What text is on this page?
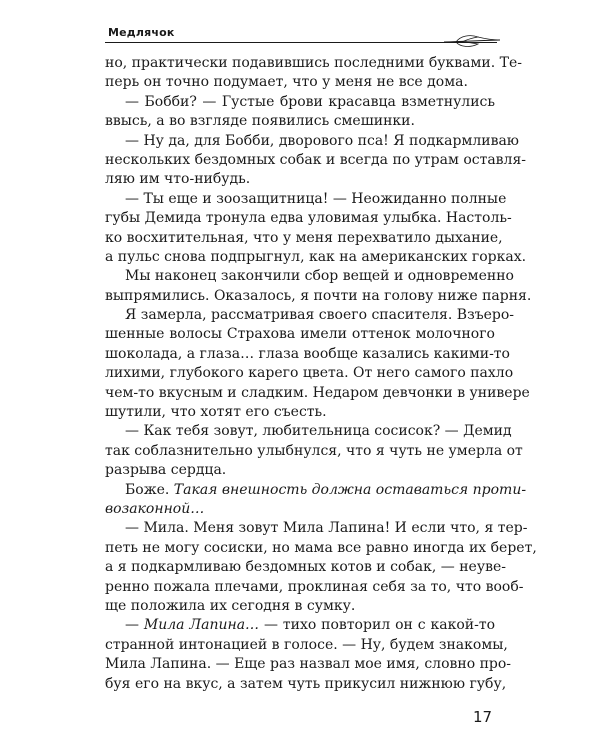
Медлячок
но, практически подавившись последними буквами. Те-
перь он точно подумает, что у меня не все дома.
— Бобби? — Густые брови красавца взметнулись
ввысь, а во взгляде появились смешинки.
— Ну да, для Бобби, дворового пса! Я подкармливаю
нескольких бездомных собак и всегда по утрам оставля-
ляю им что-нибудь.
— Ты еще и зоозащитница! — Неожиданно полные
губы Демида тронула едва уловимая улыбка. Настоль-
ко восхитительная, что у меня перехватило дыхание,
а пульс снова подпрыгнул, как на американских горках.
Мы наконец закончили сбор вещей и одновременно
выпрямились. Оказалось, я почти на голову ниже парня.
Я замерла, рассматривая своего спасителя. Взъеро-
шенные волосы Страхова имели оттенок молочного
шоколада, а глаза… глаза вообще казались какими-то
лихими, глубокого карего цвета. От него самого пахло
чем-то вкусным и сладким. Недаром девчонки в универе
шутили, что хотят его съесть.
— Как тебя зовут, любительница сосисок? — Демид
так соблазнительно улыбнулся, что я чуть не умерла от
разрыва сердца.
Боже. Такая внешность должна оставаться проти-
возаконной…
— Мила. Меня зовут Мила Лапина! И если что, я тер-
петь не могу сосиски, но мама все равно иногда их берет,
а я подкармливаю бездомных котов и собак, — неуве-
ренно пожала плечами, проклиная себя за то, что вооб-
ще положила их сегодня в сумку.
— Мила Лапина… — тихо повторил он с какой-то
странной интонацией в голосе. — Ну, будем знакомы,
Мила Лапина. — Еще раз назвал мое имя, словно про-
буя его на вкус, а затем чуть прикусил нижнюю губу,
17
